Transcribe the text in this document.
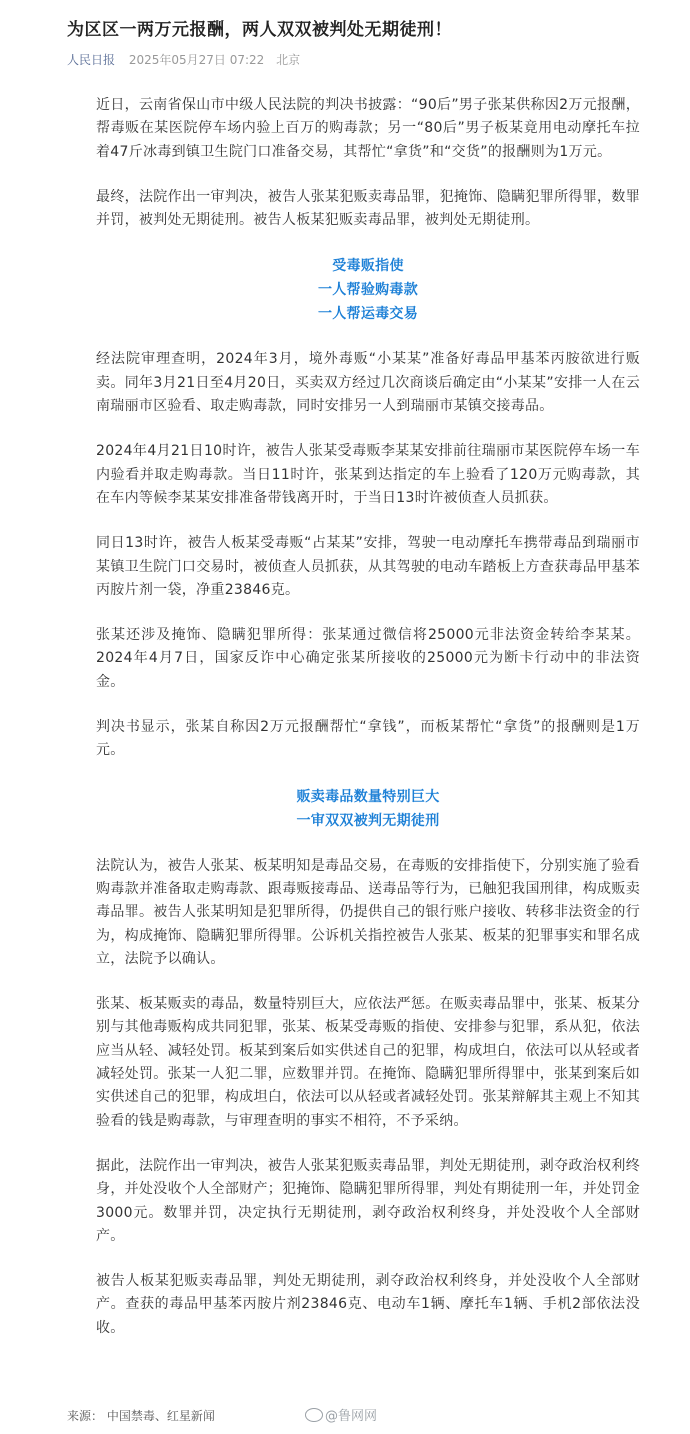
为区区一两万元报酬，两人双双被判处无期徒刑！
人民日报 2025年05月27日 07:22 北京

近日，云南省保山市中级人民法院的判决书披露：“90后”男子张某供称因2万元报酬，帮毒贩在某医院停车场内验上百万的购毒款；另一“80后”男子板某竟用电动摩托车拉着47斤冰毒到镇卫生院门口准备交易，其帮忙“拿货”和“交货”的报酬则为1万元。

最终，法院作出一审判决，被告人张某犯贩卖毒品罪，犯掩饰、隐瞒犯罪所得罪，数罪并罚，被判处无期徒刑。被告人板某犯贩卖毒品罪，被判处无期徒刑。

受毒贩指使
一人帮验购毒款
一人帮运毒交易

经法院审理查明，2024年3月，境外毒贩“小某某”准备好毒品甲基苯丙胺欲进行贩卖。同年3月21日至4月20日，买卖双方经过几次商谈后确定由“小某某”安排一人在云南瑞丽市区验看、取走购毒款，同时安排另一人到瑞丽市某镇交接毒品。

2024年4月21日10时许，被告人张某受毒贩李某某安排前往瑞丽市某医院停车场一车内验看并取走购毒款。当日11时许，张某到达指定的车上验看了120万元购毒款，其在车内等候李某某安排准备带钱离开时，于当日13时许被侦查人员抓获。

同日13时许，被告人板某受毒贩“占某某”安排，驾驶一电动摩托车携带毒品到瑞丽市某镇卫生院门口交易时，被侦查人员抓获，从其驾驶的电动车踏板上方查获毒品甲基苯丙胺片剂一袋，净重23846克。

张某还涉及掩饰、隐瞒犯罪所得：张某通过微信将25000元非法资金转给李某某。2024年4月7日，国家反诈中心确定张某所接收的25000元为断卡行动中的非法资金。

判决书显示，张某自称因2万元报酬帮忙“拿钱”，而板某帮忙“拿货”的报酬则是1万元。

贩卖毒品数量特别巨大
一审双双被判无期徒刑

法院认为，被告人张某、板某明知是毒品交易，在毒贩的安排指使下，分别实施了验看购毒款并准备取走购毒款、跟毒贩接毒品、送毒品等行为，已触犯我国刑律，构成贩卖毒品罪。被告人张某明知是犯罪所得，仍提供自己的银行账户接收、转移非法资金的行为，构成掩饰、隐瞒犯罪所得罪。公诉机关指控被告人张某、板某的犯罪事实和罪名成立，法院予以确认。

张某、板某贩卖的毒品，数量特别巨大，应依法严惩。在贩卖毒品罪中，张某、板某分别与其他毒贩构成共同犯罪，张某、板某受毒贩的指使、安排参与犯罪，系从犯，依法应当从轻、减轻处罚。板某到案后如实供述自己的犯罪，构成坦白，依法可以从轻或者减轻处罚。张某一人犯二罪，应数罪并罚。在掩饰、隐瞒犯罪所得罪中，张某到案后如实供述自己的犯罪，构成坦白，依法可以从轻或者减轻处罚。张某辩解其主观上不知其验看的钱是购毒款，与审理查明的事实不相符，不予采纳。

据此，法院作出一审判决，被告人张某犯贩卖毒品罪，判处无期徒刑，剥夺政治权利终身，并处没收个人全部财产；犯掩饰、隐瞒犯罪所得罪，判处有期徒刑一年，并处罚金3000元。数罪并罚，决定执行无期徒刑，剥夺政治权利终身，并处没收个人全部财产。

被告人板某犯贩卖毒品罪，判处无期徒刑，剥夺政治权利终身，并处没收个人全部财产。查获的毒品甲基苯丙胺片剂23846克、电动车1辆、摩托车1辆、手机2部依法没收。

来源： 中国禁毒、红星新闻	@鲁网网
